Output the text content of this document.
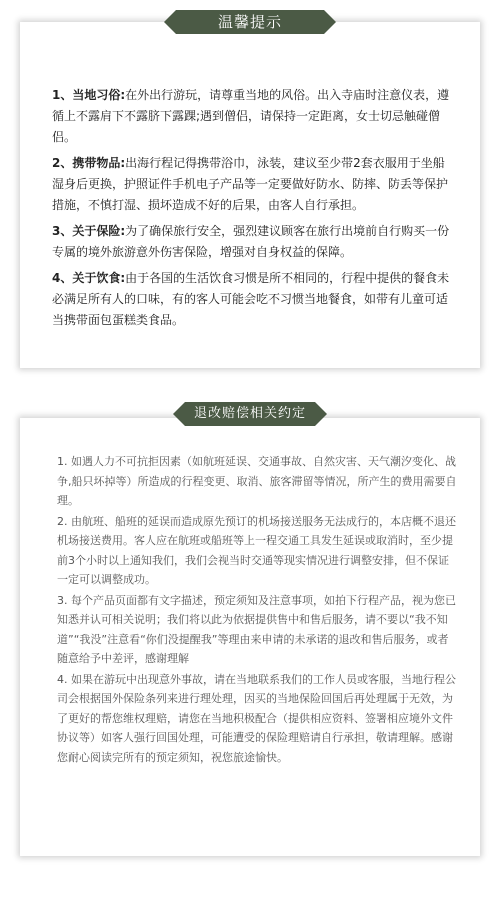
温馨提示

1、当地习俗:在外出行游玩，请尊重当地的风俗。出入寺庙时注意仪表，遵循上不露肩下不露脐下露踝;遇到僧侣，请保持一定距离，女士切忌触碰僧侣。

2、携带物品:出海行程记得携带浴巾，泳装，建议至少带2套衣服用于坐船湿身后更换，护照证件手机电子产品等一定要做好防水、防摔、防丢等保护措施，不慎打湿、损坏造成不好的后果，由客人自行承担。

3、关于保险:为了确保旅行安全，强烈建议顾客在旅行出境前自行购买一份专属的境外旅游意外伤害保险，增强对自身权益的保障。

4、关于饮食:由于各国的生活饮食习惯是所不相同的，行程中提供的餐食未必满足所有人的口味，有的客人可能会吃不习惯当地餐食，如带有儿童可适当携带面包蛋糕类食品。

退改赔偿相关约定

1. 如遇人力不可抗拒因素（如航班延误、交通事故、自然灾害、天气潮汐变化、战争,船只坏掉等）所造成的行程变更、取消、旅客滞留等情况，所产生的费用需要自理。

2. 由航班、船班的延误而造成原先预订的机场接送服务无法成行的，本店概不退还机场接送费用。客人应在航班或船班等上一程交通工具发生延误或取消时，至少提前3个小时以上通知我们，我们会视当时交通等现实情况进行调整安排，但不保证一定可以调整成功。

3. 每个产品页面都有文字描述，预定须知及注意事项，如拍下行程产品，视为您已知悉并认可相关说明；我们将以此为依据提供售中和售后服务，请不要以“我不知道”“我没”注意看“你们没提醒我”等理由来申请的未承诺的退改和售后服务，或者随意给予中差评，感谢理解

4. 如果在游玩中出现意外事故，请在当地联系我们的工作人员或客服，当地行程公司会根据国外保险条列来进行理处理，因买的当地保险回国后再处理属于无效，为了更好的帮您维权理赔，请您在当地积极配合（提供相应资料、签署相应境外文件协议等）如客人强行回国处理，可能遭受的保险理赔请自行承担，敬请理解。感谢您耐心阅读完所有的预定须知，祝您旅途愉快。
